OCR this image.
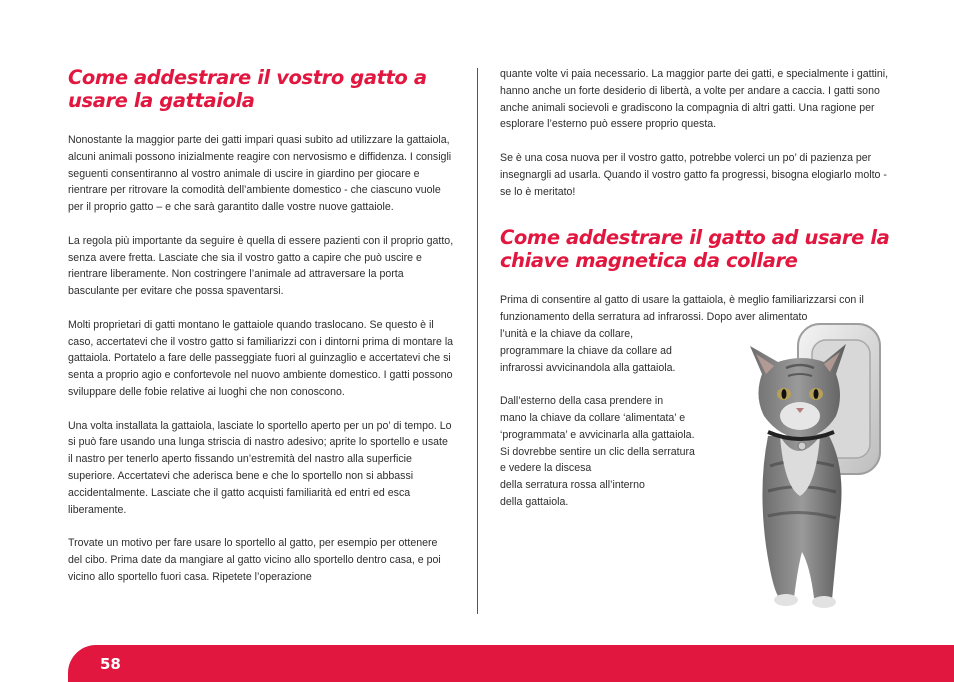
Come addestrare il vostro gatto a usare la gattaiola

Nonostante la maggior parte dei gatti impari quasi subito ad utilizzare la gattaiola, alcuni animali possono inizialmente reagire con nervosismo e diffidenza. I consigli seguenti consentiranno al vostro animale di uscire in giardino per giocare e rientrare per ritrovare la comodità dell’ambiente domestico - che ciascuno vuole per il proprio gatto – e che sarà garantito dalle vostre nuove gattaiole.

La regola più importante da seguire è quella di essere pazienti con il proprio gatto, senza avere fretta. Lasciate che sia il vostro gatto a capire che può uscire e rientrare liberamente. Non costringere l’animale ad attraversare la porta basculante per evitare che possa spaventarsi.

Molti proprietari di gatti montano le gattaiole quando traslocano. Se questo è il caso, accertatevi che il vostro gatto si familiarizzi con i dintorni prima di montare la gattaiola. Portatelo a fare delle passeggiate fuori al guinzaglio e accertatevi che si senta a proprio agio e confortevole nel nuovo ambiente domestico. I gatti possono sviluppare delle fobie relative ai luoghi che non conoscono.

Una volta installata la gattaiola, lasciate lo sportello aperto per un po’ di tempo. Lo si può fare usando una lunga striscia di nastro adesivo; aprite lo sportello e usate il nastro per tenerlo aperto fissando un’estremità del nastro alla superficie superiore. Accertatevi che aderisca bene e che lo sportello non si abbassi accidentalmente. Lasciate che il gatto acquisti familiarità ed entri ed esca liberamente.

Trovate un motivo per fare usare lo sportello al gatto, per esempio per ottenere del cibo. Prima date da mangiare al gatto vicino allo sportello dentro casa, e poi vicino allo sportello fuori casa. Ripetete l’operazione

quante volte vi paia necessario. La maggior parte dei gatti, e specialmente i gattini, hanno anche un forte desiderio di libertà, a volte per andare a caccia. I gatti sono anche animali socievoli e gradiscono la compagnia di altri gatti. Una ragione per esplorare l’esterno può essere proprio questa.

Se è una cosa nuova per il vostro gatto, potrebbe volerci un po’ di pazienza per insegnargli ad usarla. Quando il vostro gatto fa progressi, bisogna elogiarlo molto - se lo è meritato!

Come addestrare il gatto ad usare la chiave magnetica da collare

Prima di consentire al gatto di usare la gattaiola, è meglio familiarizzarsi con il funzionamento della serratura ad infrarossi. Dopo aver alimentato

l’unità e la chiave da collare,
programmare la chiave da collare ad
infrarossi avvicinandola alla gattaiola.
Dall’esterno della casa prendere in
mano la chiave da collare ‘alimentata’ e
‘programmata’ e avvicinarla alla gattaiola.
Si dovrebbe sentire un clic della serratura
e vedere la discesa
della serratura rossa all’interno
della gattaiola.
58
